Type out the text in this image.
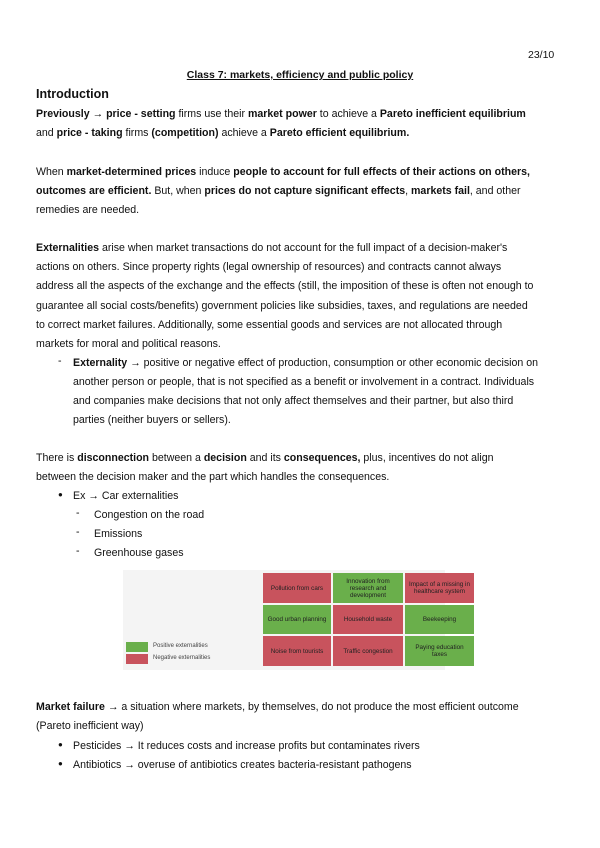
23/10
Class 7: markets, efficiency and public policy
Introduction

Previously → price - setting firms use their market power to achieve a Pareto inefficient equilibrium
and price - taking firms (competition) achieve a Pareto efficient equilibrium.

When market-determined prices induce people to account for full effects of their actions on others,
outcomes are efficient. But, when prices do not capture significant effects, markets fail, and other
remedies are needed.

Externalities arise when market transactions do not account for the full impact of a decision-maker's
actions on others. Since property rights (legal ownership of resources) and contracts cannot always
address all the aspects of the exchange and the effects (still, the imposition of these is often not enough to
guarantee all social costs/benefits) government policies like subsidies, taxes, and regulations are needed
to correct market failures. Additionally, some essential goods and services are not allocated through
markets for moral and political reasons.

- Externality → positive or negative effect of production, consumption or other economic decision on
another person or people, that is not specified as a benefit or involvement in a contract. Individuals
and companies make decisions that not only affect themselves and their partner, but also third
parties (neither buyers or sellers).

There is disconnection between a decision and its consequences, plus, incentives do not align
between the decision maker and the part which handles the consequences.

● Ex → Car externalities
- Congestion on the road
- Emissions
- Greenhouse gases
Positive externalities
Negative externalities
Pollution from cars
Innovation from research and development
Impact of a missing in healthcare system
Good urban planning	Household waste	Beekeeping
Noise from tourists	Traffic congestion	Paying education taxes

Market failure → a situation where markets, by themselves, do not produce the most efficient outcome
(Pareto inefficient way)

● Pesticides → It reduces costs and increase profits but contaminates rivers
● Antibiotics → overuse of antibiotics creates bacteria-resistant pathogens
